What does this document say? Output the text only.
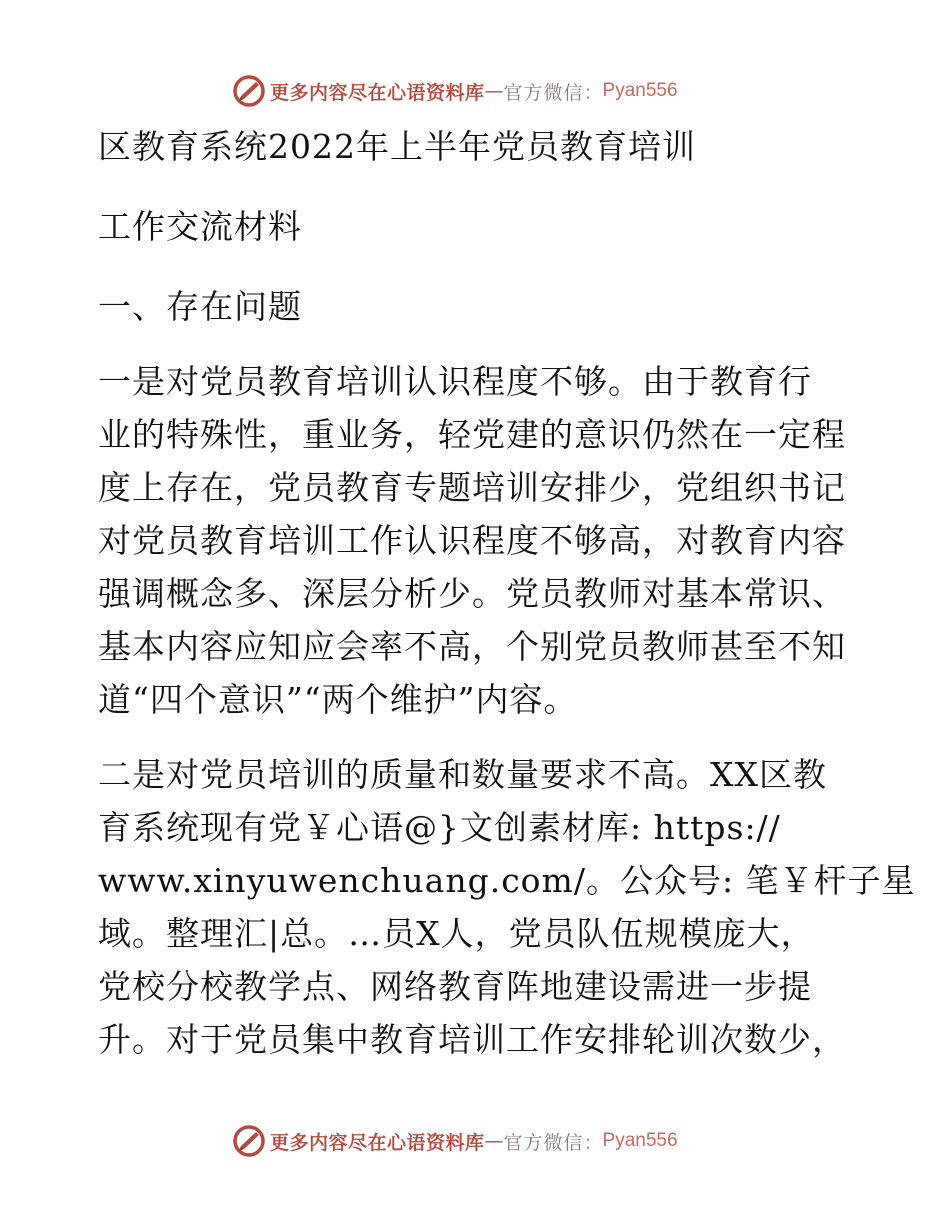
更多内容尽在心语资料库 — 官方微信 ： Pyan556
区教育系统2022年上半年党员教育培训
工作交流材料
一、存在问题
一是对党员教育培训认识程度不够。由于教育行
业的特殊性，重业务，轻党建的意识仍然在一定程
度上存在，党员教育专题培训安排少，党组织书记
对党员教育培训工作认识程度不够高，对教育内容
强调概念多、深层分析少。党员教师对基本常识、
基本内容应知应会率不高，个别党员教师甚至不知
道“四个意识”“两个维护”内容。
二是对党员培训的质量和数量要求不高。XX区教
育系统现有党￥心语@}文创素材库: https://
www.xinyuwenchuang.com/。公众号: 笔￥杆子星
域。整理汇|总。…员X人，党员队伍规模庞大，
党校分校教学点、网络教育阵地建设需进一步提
升。对于党员集中教育培训工作安排轮训次数少，
更多内容尽在心语资料库 — 官方微信 ： Pyan556
